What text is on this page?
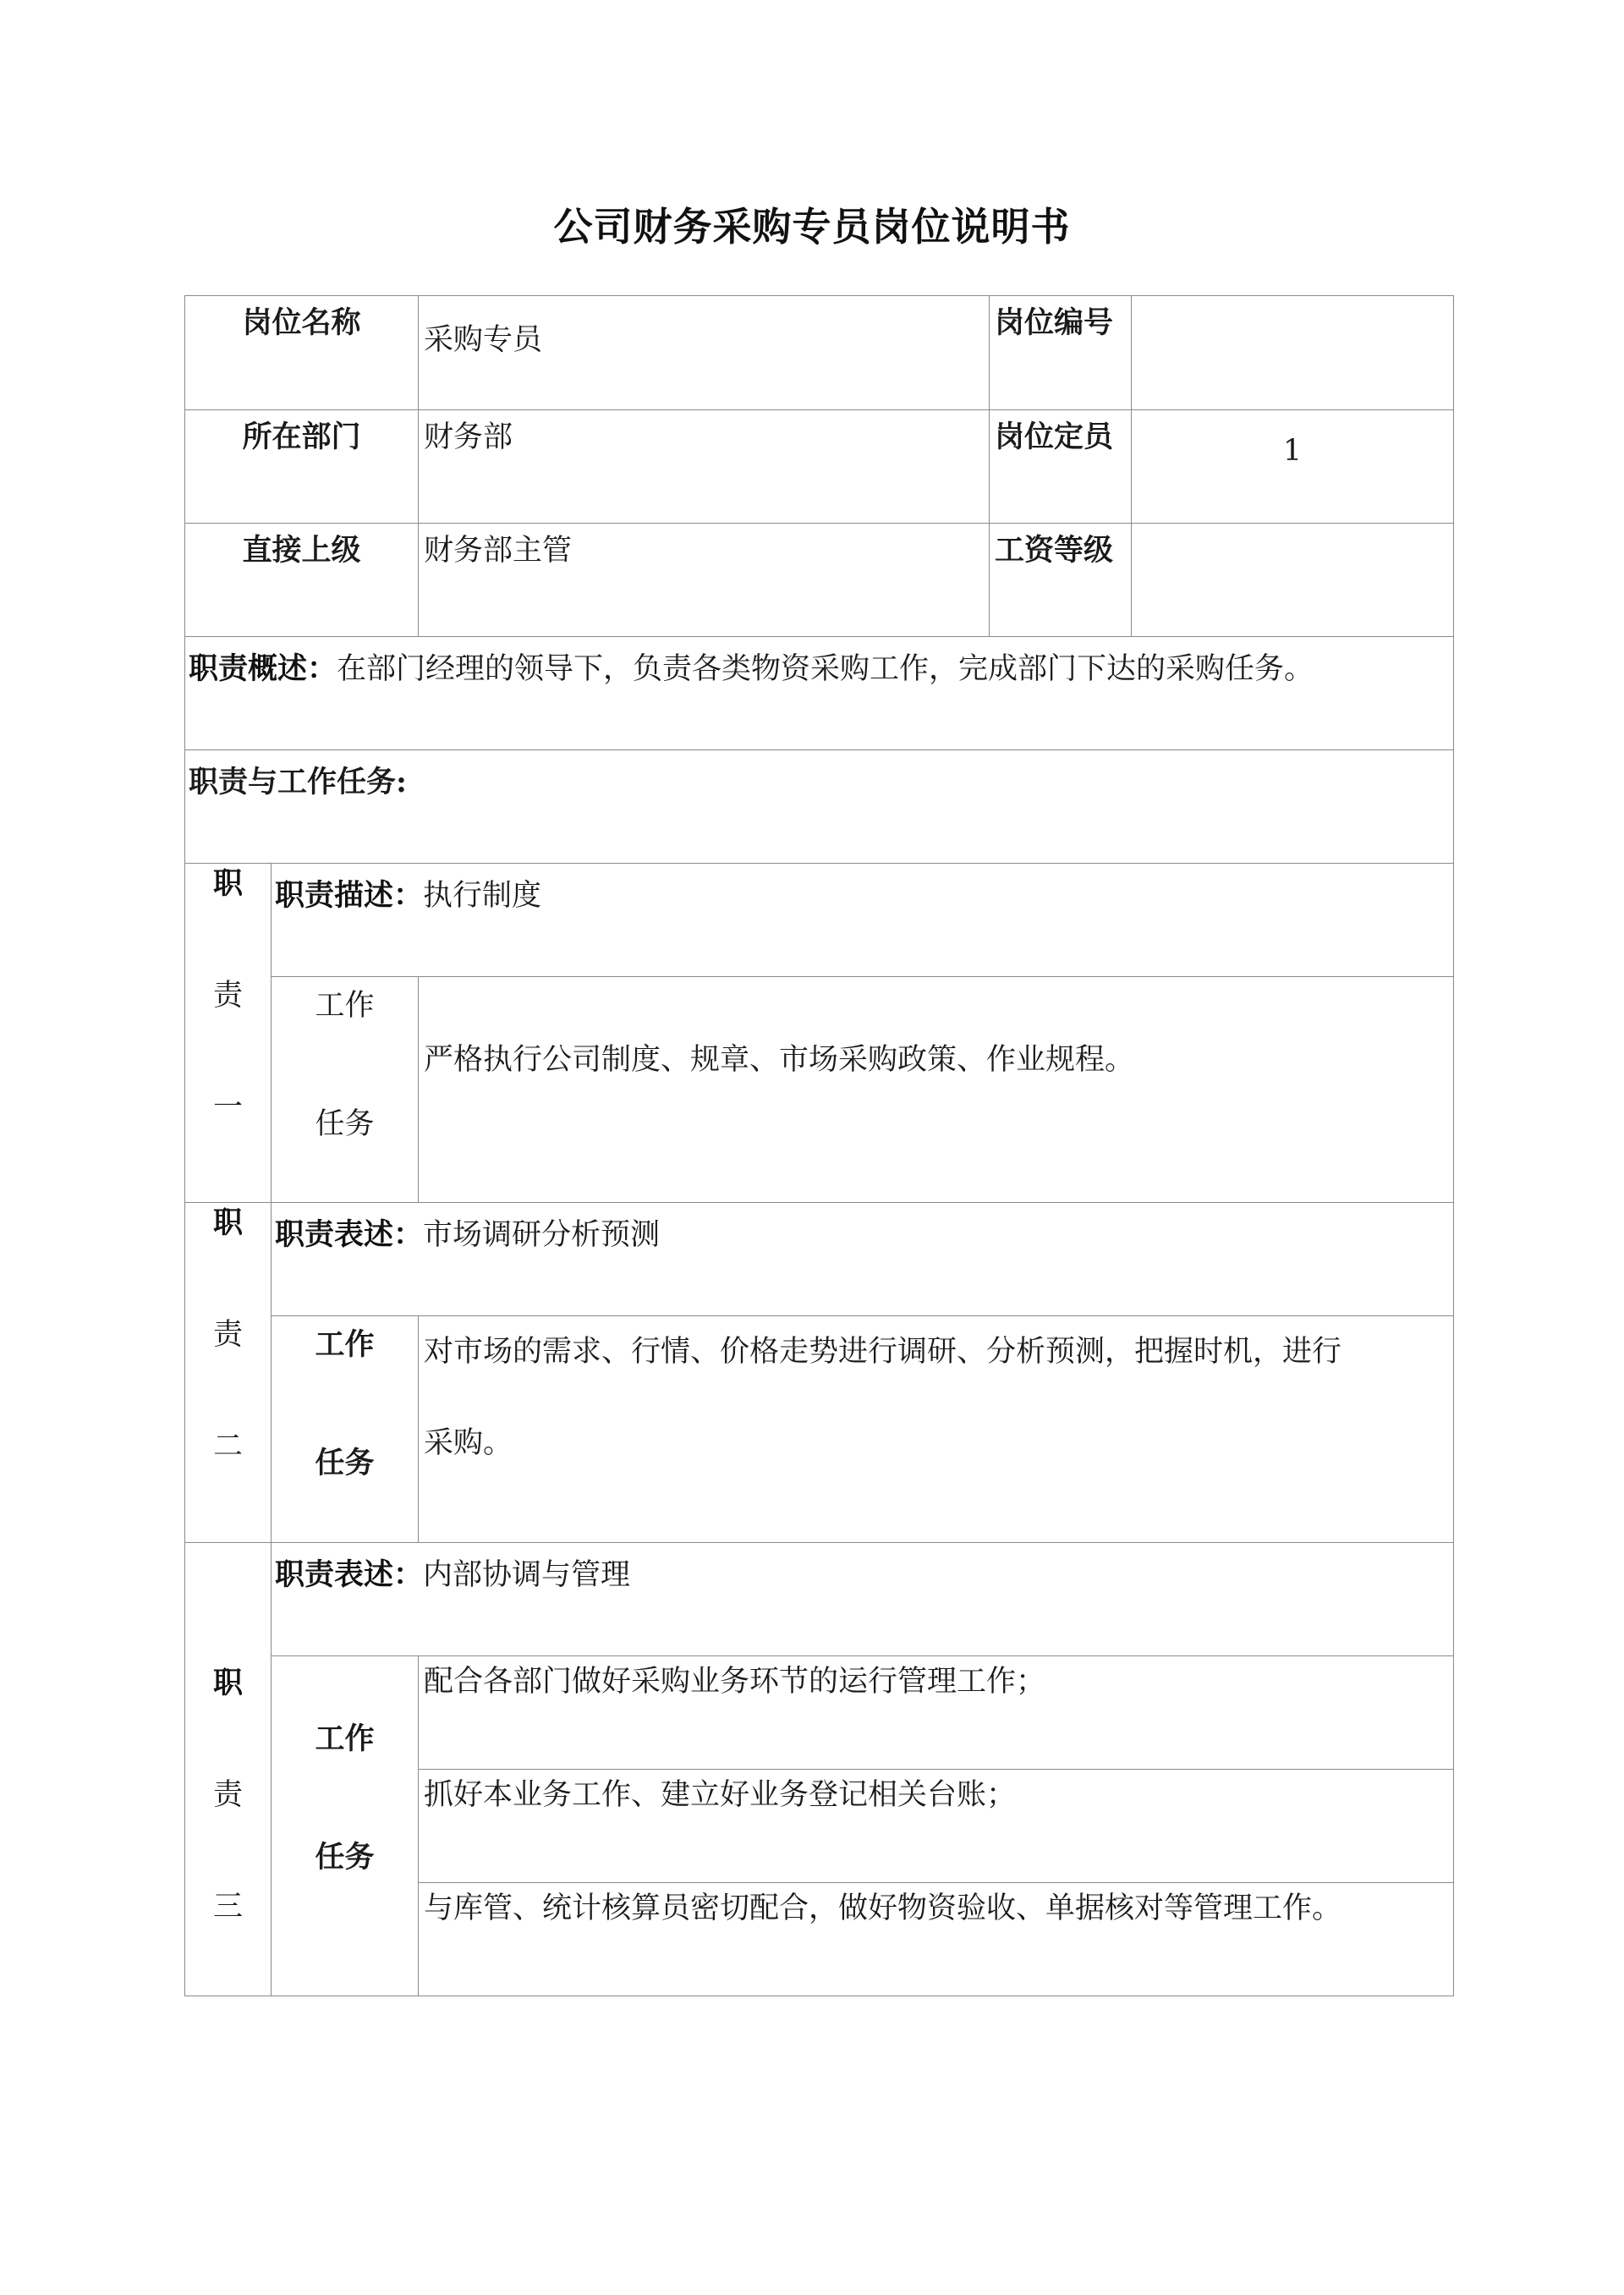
公司财务采购专员岗位说明书
岗位名称		采购专员	岗位编号	
所在部门		财务部	岗位定员	1
直接上级		财务部主管	工资等级	
职责概述：在部门经理的领导下，负责各类物资采购工作，完成部门下达的采购任务。				
职责与工作任务:				

职
责
一	职责描述：执行制度			

	工作
任务	严格执行公司制度、规章、市场采购政策、作业规程。		

职
责
二	职责表述：市场调研分析预测			

	工作
任务	对市场的需求、行情、价格走势进行调研、分析预测，把握时机，进行
采购。		

职
责
三	职责表述：内部协调与管理			

	工作
任务	配合各部门做好采购业务环节的运行管理工作；		
		抓好本业务工作、建立好业务登记相关台账；		
		与库管、统计核算员密切配合，做好物资验收、单据核对等管理工作。		
